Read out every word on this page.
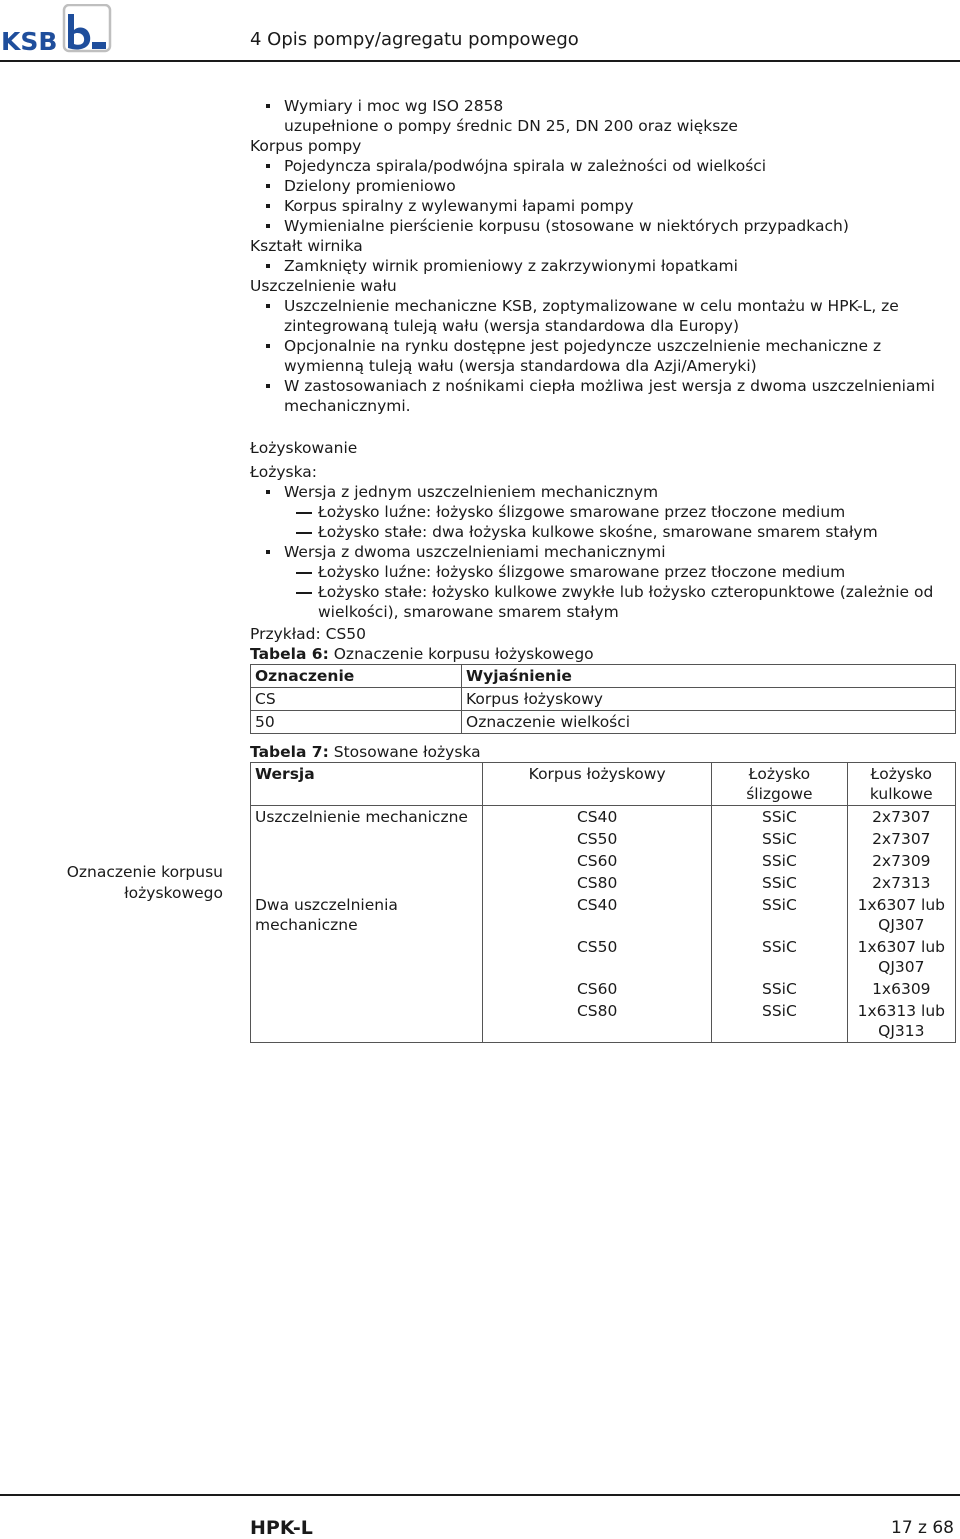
KSB	4 Opis pompy/agregatu pompowego
Wymiary i moc wg ISO 2858
uzupełnione o pompy średnic DN 25, DN 200 oraz większe
Korpus pompy
Pojedyncza spirala/podwójna spirala w zależności od wielkości
Dzielony promieniowo
Korpus spiralny z wylewanymi łapami pompy
Wymienialne pierścienie korpusu (stosowane w niektórych przypadkach)
Kształt wirnika
Zamknięty wirnik promieniowy z zakrzywionymi łopatkami
Uszczelnienie wału
Uszczelnienie mechaniczne KSB, zoptymalizowane w celu montażu w HPK-L, ze zintegrowaną tuleją wału (wersja standardowa dla Europy)
Opcjonalnie na rynku dostępne jest pojedyncze uszczelnienie mechaniczne z wymienną tuleją wału (wersja standardowa dla Azji/Ameryki)
W zastosowaniach z nośnikami ciepła możliwa jest wersja z dwoma uszczelnieniami mechanicznymi.
Łożyskowanie
Łożyska:
Wersja z jednym uszczelnieniem mechanicznym
Łożysko luźne: łożysko ślizgowe smarowane przez tłoczone medium
Łożysko stałe: dwa łożyska kulkowe skośne, smarowane smarem stałym
Wersja z dwoma uszczelnieniami mechanicznymi
Łożysko luźne: łożysko ślizgowe smarowane przez tłoczone medium
Łożysko stałe: łożysko kulkowe zwykłe lub łożysko czteropunktowe (zależnie od wielkości), smarowane smarem stałym
Przykład: CS50
Tabela 6: Oznaczenie korpusu łożyskowego
Oznaczenie	Wyjaśnienie
CS	Korpus łożyskowy
50	Oznaczenie wielkości
Tabela 7: Stosowane łożyska
Wersja	Korpus łożyskowy	Łożysko ślizgowe	Łożysko kulkowe
Uszczelnienie mechaniczne	CS40	SSiC	2x7307
	CS50	SSiC	2x7307
	CS60	SSiC	2x7309
	CS80	SSiC	2x7313
Dwa uszczelnienia mechaniczne	CS40	SSiC	1x6307 lub QJ307
	CS50	SSiC	1x6307 lub QJ307
	CS60	SSiC	1x6309
	CS80	SSiC	1x6313 lub QJ313
Oznaczenie korpusu łożyskowego
HPK-L	17 z 68
